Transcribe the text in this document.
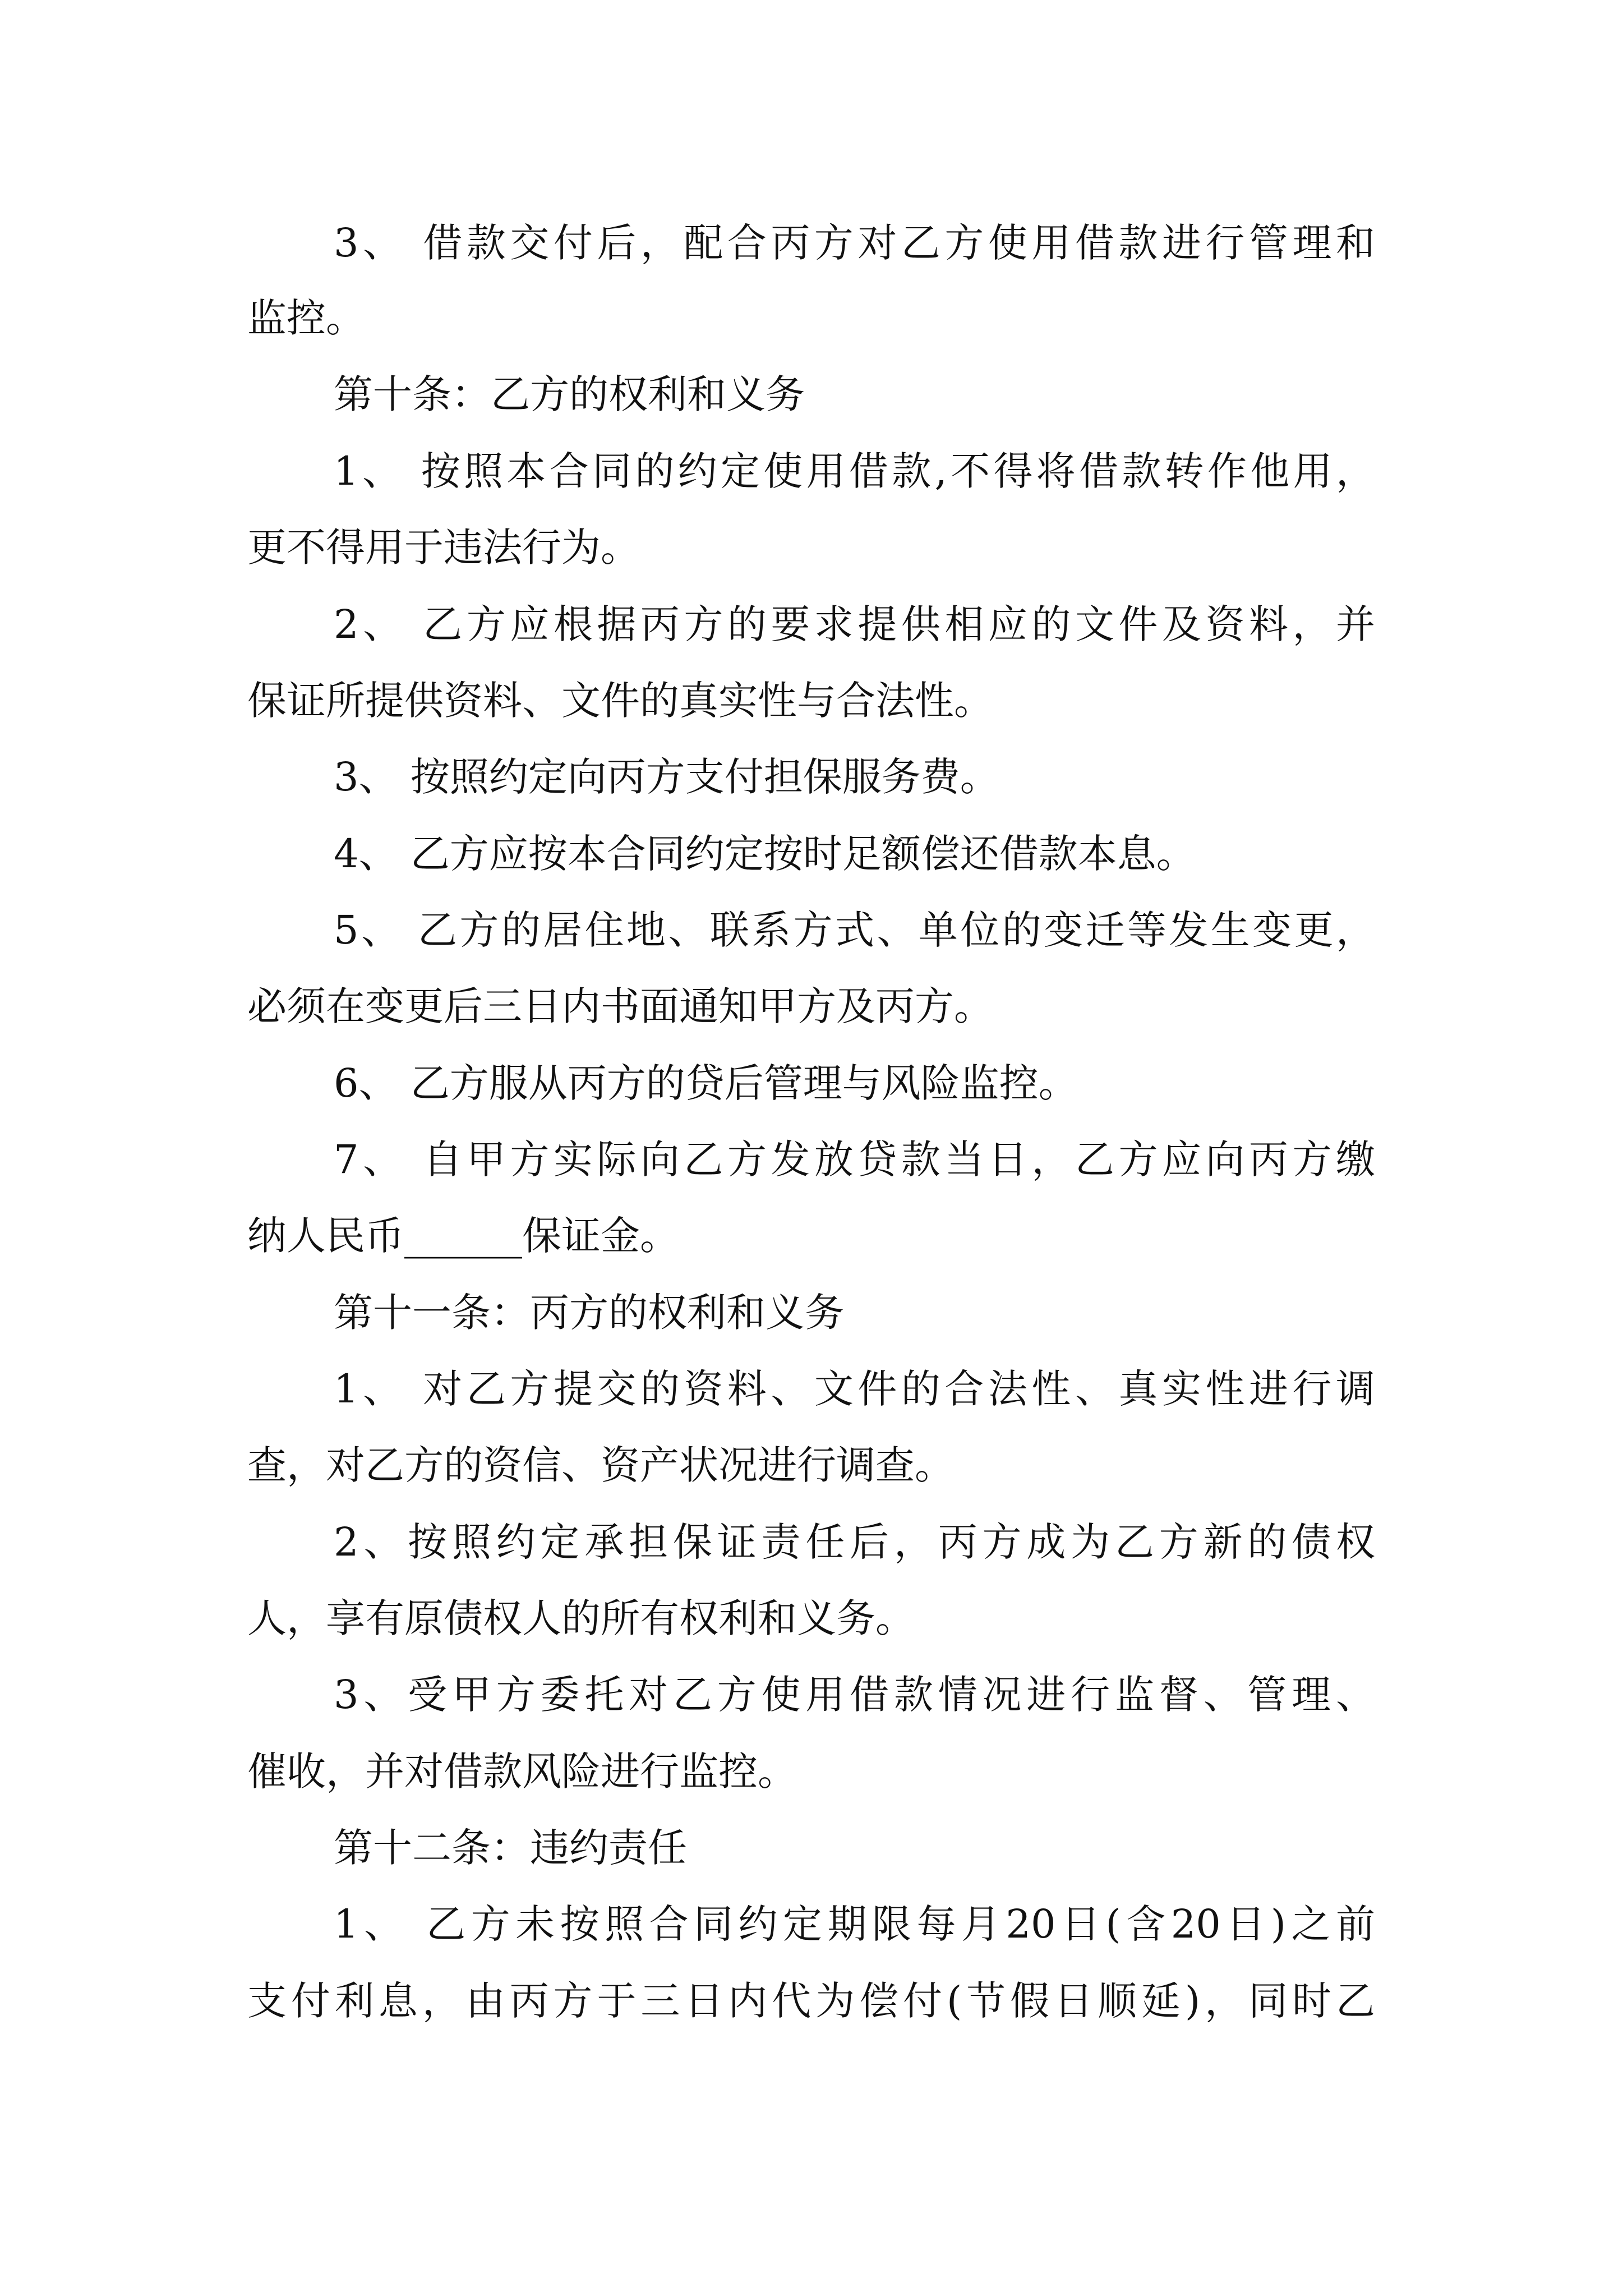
3、 借款交付后，配合丙方对乙方使用借款进行管理和
监控。
第十条：乙方的权利和义务
1、 按照本合同的约定使用借款,不得将借款转作他用，
更不得用于违法行为。
2、 乙方应根据丙方的要求提供相应的文件及资料，并
保证所提供资料、文件的真实性与合法性。
3、 按照约定向丙方支付担保服务费。
4、 乙方应按本合同约定按时足额偿还借款本息。
5、 乙方的居住地、联系方式、单位的变迁等发生变更，
必须在变更后三日内书面通知甲方及丙方。
6、 乙方服从丙方的贷后管理与风险监控。
7、 自甲方实际向乙方发放贷款当日，乙方应向丙方缴
纳人民币______保证金。
第十一条：丙方的权利和义务
1、 对乙方提交的资料、文件的合法性、真实性进行调
查，对乙方的资信、资产状况进行调查。
2、按照约定承担保证责任后，丙方成为乙方新的债权
人，享有原债权人的所有权利和义务。
3、受甲方委托对乙方使用借款情况进行监督、管理、
催收，并对借款风险进行监控。
第十二条：违约责任
1、 乙方未按照合同约定期限每月20日(含20日)之前
支付利息，由丙方于三日内代为偿付(节假日顺延)，同时乙
